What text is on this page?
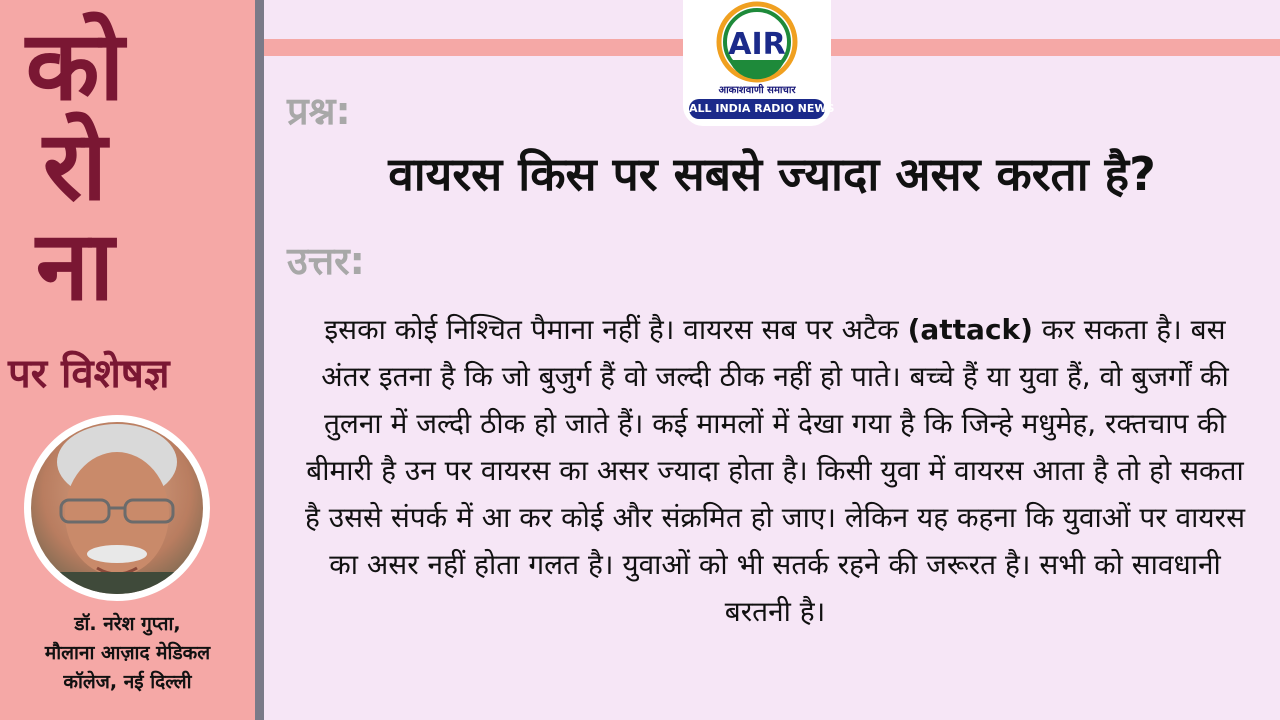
को
रो
ना
पर विशेषज्ञ
डॉ. नरेश गुप्ता,
मौलाना आज़ाद मेडिकल
कॉलेज, नई दिल्ली
AIR
आकाशवाणी समाचार
ALL INDIA RADIO NEWS
प्रश्न:
वायरस किस पर सबसे ज्यादा असर करता है?
उत्तर:
इसका कोई निश्चित पैमाना नहीं है। वायरस सब पर अटैक (attack) कर सकता है। बस अंतर इतना है कि जो बुजुर्ग हैं वो जल्दी ठीक नहीं हो पाते। बच्चे हैं या युवा हैं, वो बुजर्गों की तुलना में जल्दी ठीक हो जाते हैं। कई मामलों में देखा गया है कि जिन्हे मधुमेह, रक्तचाप की बीमारी है उन पर वायरस का असर ज्यादा होता है। किसी युवा में वायरस आता है तो हो सकता है उससे संपर्क में आ कर कोई और संक्रमित हो जाए। लेकिन यह कहना कि युवाओं पर वायरस का असर नहीं होता गलत है। युवाओं को भी सतर्क रहने की जरूरत है। सभी को सावधानी बरतनी है।
